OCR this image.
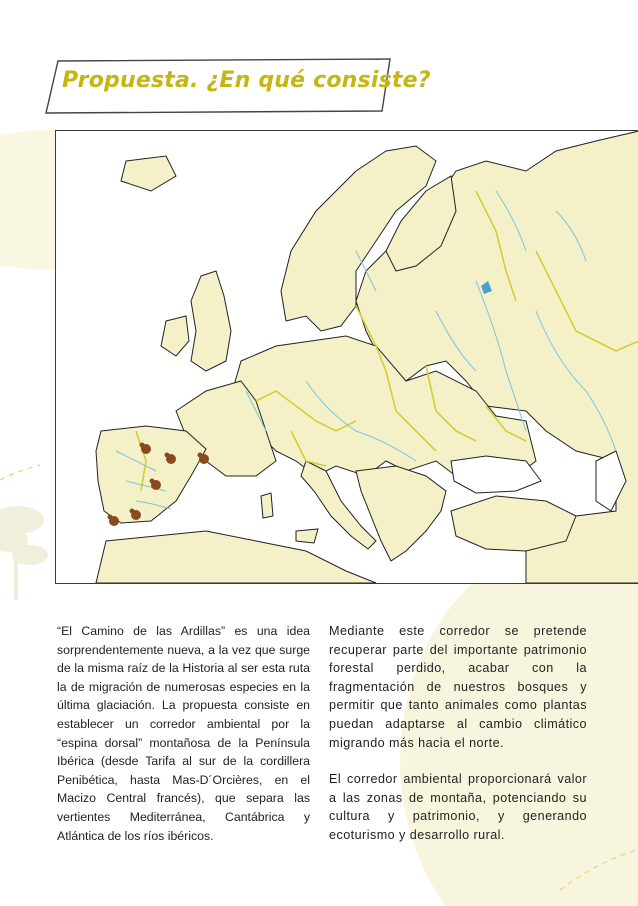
Propuesta. ¿En qué consiste?

“El Camino de las Ardillas” es una idea sorprendentemente nueva, a la vez que surge de la misma raíz de la Historia al ser esta ruta la de migración de numerosas especies en la última glaciación. La propuesta consiste en establecer un corredor ambiental por la “espina dorsal” montañosa de la Península Ibérica (desde Tarifa al sur de la cordillera Penibética, hasta Mas-D´Orcières, en el Macizo Central francés), que separa las vertientes Mediterránea, Cantábrica y Atlántica de los ríos ibéricos.

Mediante este corredor se pretende recuperar parte del importante patrimonio forestal perdido, acabar con la fragmentación de nuestros bosques y permitir que tanto animales como plantas puedan adaptarse al cambio climático migrando más hacia el norte.

El corredor ambiental proporcionará valor a las zonas de montaña, potenciando su cultura y patrimonio, y generando ecoturismo y desarrollo rural.
